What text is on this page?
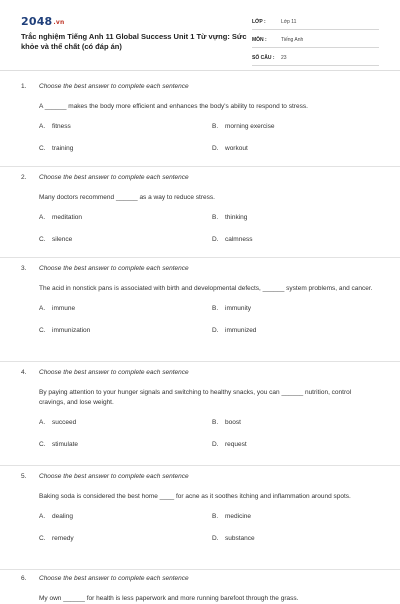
2048.vn
Trắc nghiệm Tiếng Anh 11 Global Success Unit 1 Từ vựng: Sức khỏe và thể chất (có đáp án)
LỚP :	Lớp 11
MÔN :	Tiếng Anh
SỐ CÂU :	23
1.	Choose the best answer to complete each sentence
A ______ makes the body more efficient and enhances the body's ability to respond to stress.
A.	fitness	B.	morning exercise
C.	training	D.	workout
2.	Choose the best answer to complete each sentence
Many doctors recommend ______ as a way to reduce stress.
A.	meditation	B.	thinking
C.	silence	D.	calmness
3.	Choose the best answer to complete each sentence
The acid in nonstick pans is associated with birth and developmental defects, ______ system problems, and cancer.
A.	immune	B.	immunity
C.	immunization	D.	immunized
4.	Choose the best answer to complete each sentence
By paying attention to your hunger signals and switching to healthy snacks, you can ______ nutrition, control cravings, and lose weight.
A.	succeed	B.	boost
C.	stimulate	D.	request
5.	Choose the best answer to complete each sentence
Baking soda is considered the best home ____ for acne as it soothes itching and inflammation around spots.
A.	dealing	B.	medicine
C.	remedy	D.	substance
6.	Choose the best answer to complete each sentence
My own ______ for health is less paperwork and more running barefoot through the grass.
